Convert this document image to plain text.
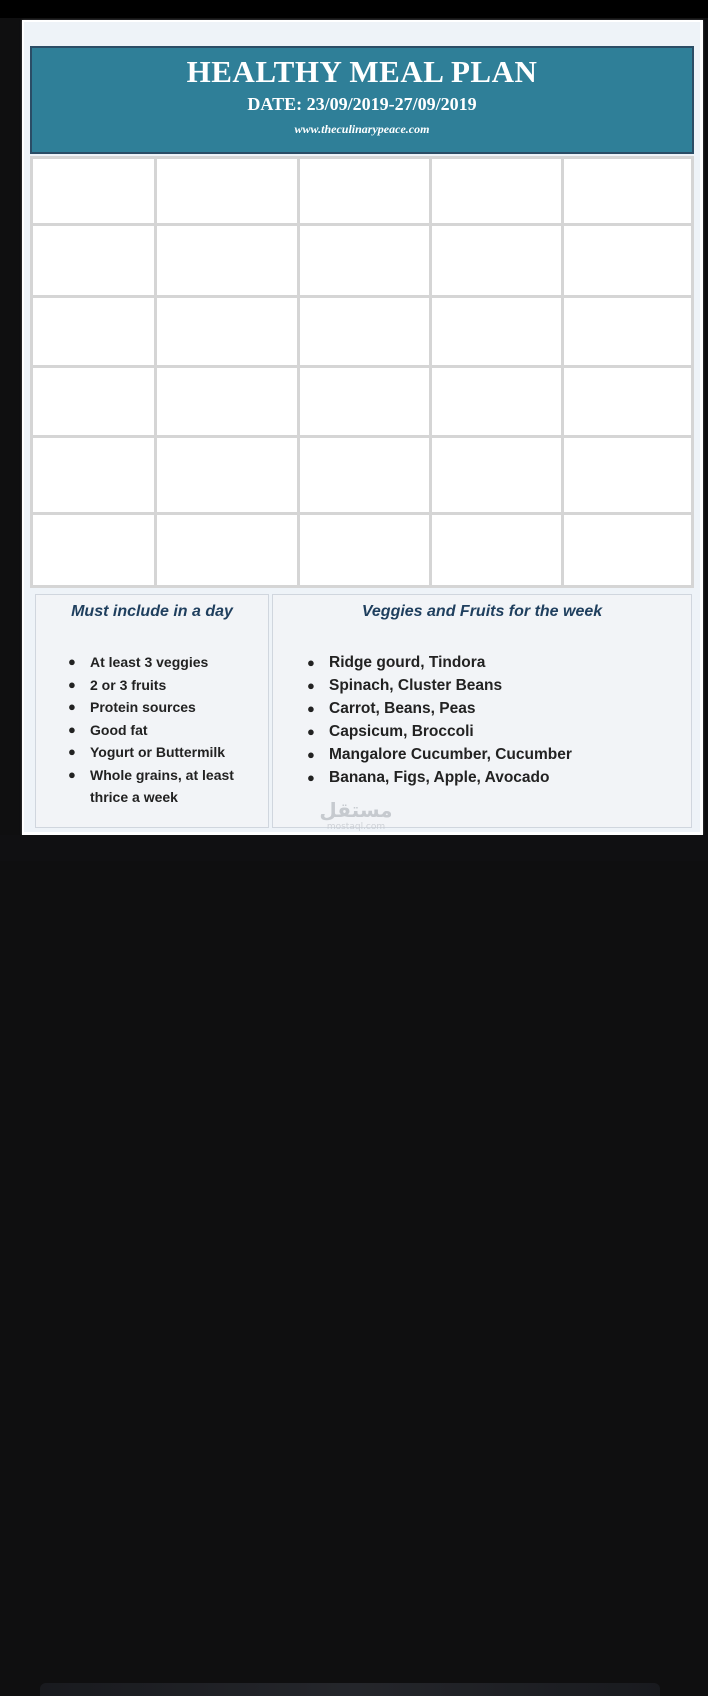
HEALTHY MEAL PLAN
DATE: 23/09/2019-27/09/2019
www.theculinarypeace.com
Must include in a day
● At least 3 veggies
● 2 or 3 fruits
● Protein sources
● Good fat
● Yogurt or Buttermilk
● Whole grains, at least thrice a week
Veggies and Fruits for the week
● Ridge gourd, Tindora
● Spinach, Cluster Beans
● Carrot, Beans, Peas
● Capsicum, Broccoli
● Mangalore Cucumber, Cucumber
● Banana, Figs, Apple, Avocado
مستقل
mostaql.com
